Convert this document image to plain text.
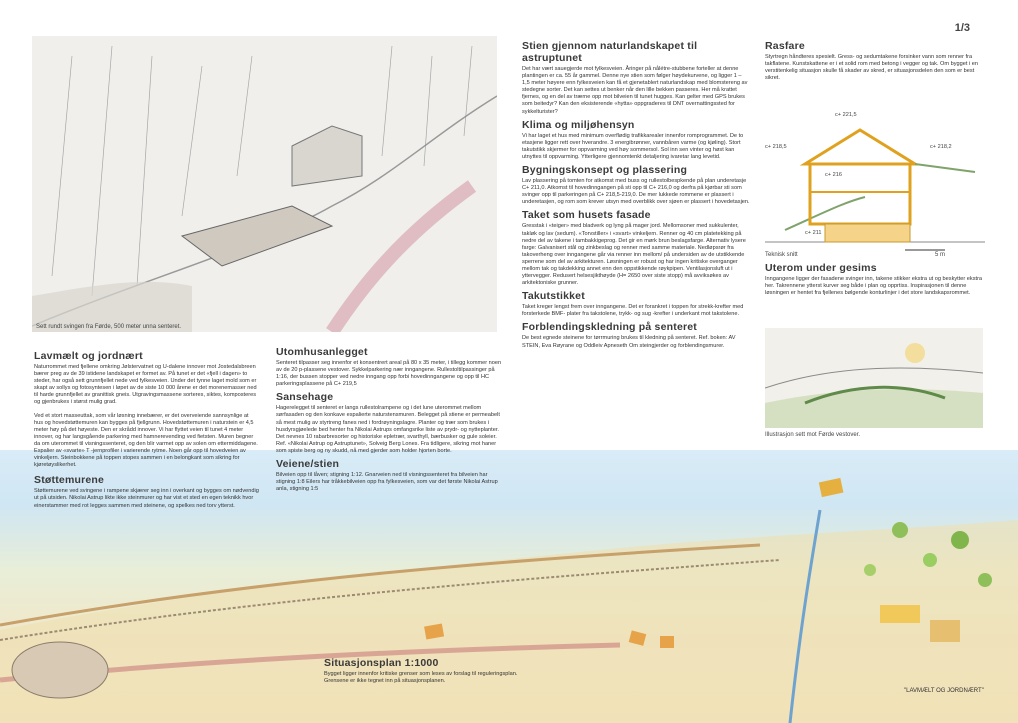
1/3
Sett rundt svingen fra Førde, 500 meter unna senteret.
Lavmælt og jordnært
Naturrommet med fjellene omkring Jølstervatnet og U-dalene innover mot Jostedalsbreen bærer preg av de 39 istidene landskapet er formet av. På tunet er det «fjell i dagen» to steder, har også sett grunnfjellet nede ved fylkesveien. Under det tynne laget mold som er skapt av sollys og fotosyntesen i løpet av de siste 10 000 årene er det morenemasser ned til harde grunnfjellet av granittisk gneis. Utgravingsmassene sorteres, siktes, komposteres og gjenbrukes i størst mulig grad.
Ved et stort masseuttak, som vår løsning innebærer, er det overveiende sannsynlige at hus og hovedstøttemuren kan bygges på fjellgrunn. Hovedstøttemuren i naturstein er 4,5 meter høy på det høyeste. Den er skrådd innover. Vi har flyttet veien til tunet 4 meter innover, og har langsgående parkering med hamnerevending ved fietsten. Muren begner da om uterommet til visningssenteret, og den blir varmet opp av solen om ettermiddagene. Espalier av «svarte» T -jernprofiler i varierende rytme. Noen går opp til hovedveien av vinkeljern. Steinbokkene på toppen stopes sammen i en belongkant som sikring for kjøretøyslikerhet.
Støttemurene
Støttemurene ved svingene i rampene skjærer seg inn i overkant og bygges om nødvendig ut på utsiden. Nikolai Astrup likte ikke steinmurer og har vist et sted en egen teknikk hvor einerstammer med rot legges sammen med steinene, og spelkes ned torv ytterst.
Utomhusanlegget
Senteret tilpasser seg innenfor et konsentrert areal på 80 x 35 meter, i tillegg kommer noen av de 20 p-plassene vestover. Sykkelparkering nær inngangene. Rullestoltilpassinger på 1:16, der bussen stopper ved nedre inngang opp forbi hovedinngangene og opp til HC parkeringsplassene på C+ 219,5
Sansehage
Hagerelegget til senteret er langs rullestolrampene og i det lune uterommet mellom sørfasaden og den konkave espalierte naturstensmuren. Belegget på stiene er permeabelt så mest mulig av styrtreng fanes ned i fordrøyningslagre. Planter og trær som brukes i husdyrsgjøelede bed henter fra Nikolai Astrups omfangsrike liste av prydr- og nytteplanter. Det nevnes 10 rabarbresorter og historiske epletrær, svarthyll, bærbusker og gule soleier. Ref. «Nikolai Astrup og Astruptunet», Solveig Berg Lones. Fra tidligere, sikring mot haner som spiste berg og ny skudd, nå med gjerder som holder hjorten borte.
Veiene/stien
Bilveien opp til låven; stigning 1:12. Gnarveien ned til visningssenteret fra bilveien har stigning 1:8 Eilers har tråkkebilveien opp fra fylkesveien, som var det første Nikolai Astrup anla, stigning 1:5
Stien gjennom naturlandskapet til astruptunet
Det har vært sauegjerde mot fylkesveien. Åringer på nålétre-stubbene forteller at denne plantingen er ca. 55 år gammel. Denne nye stien som følger høydekurvene, og ligger 1 – 1,5 meter høyere enn fylkesveien kan få et gjenetablert naturlandskap med blomstereng av stedegne sorter. Det kan settes ut benker når den lille bekken passeres. Her må krattet fjernes, og en del av trærne opp mot bilveien til tunet hugges. Kan gelter med GPS brukes som beitedyr? Kan den eksisterende «hytta» oppgraderes til DNT overnattingssted for sykkelturister?
Klima og miljøhensyn
Vi har laget et hus med minimum overflødig trafikkarealer innenfor romprogrammet. De to etasjene ligger rett over hverandre. 3 energibrønner, vannbåren varme (og kjøling). Stort takutstikk skjermer for oppvarming ved høy sommersol. Sol inn sen vinter og høst kan utnyttes til oppvarming. Ytterligere gjennomtenkt detaljering ivaretar lang levetid.
Bygningskonsept og plassering
Lav plassering på tomten for atkomst med buss og rullestolbespkende på plan underetasje C+ 211,0. Atkomst til hovedinngangen på sti opp til C+ 216,0 og derfra på kjørbar sti som svinger opp til parkeringen på C+ 218,5-219,0. De mer lukkede rommene er plassert i underetasjen, og rom som krever utsyn med overblikk over sjøen er plassert i hovedetasjen.
Taket som husets fasade
Gresstak i «teiger» med bladverk og lyng på mager jord. Mellomsoner med sukkulenter, takløk og lav (sedum). «Torvstiller» i «svart» vinkeljern. Renner og 40 cm platetekking på nedre del av takene i tambakkigeprog. Det gir en mørk brun beslagsfarge. Alternativ lysere farge: Galvanisert stål og zinkbeslag og renner med samme materiale. Nedløpsrør fra takoverheng over inngangene går via renner inn mellom/ på undersiden av de utstikkende sperrene som del av arkitekturen. Løsningen er robust og har ingen kritiske overganger mellom tak og takdekking annet enn den oppstikkende røykpipen. Ventilasjonsluft ut i yttervegger. Redusert helsesjikthøyde (H= 2650 over siste stopp) må avviksøkes av arkitektoniske grunner.
Takutstikket
Taket kreger lengst frem over inngangene. Det er forankret i toppen for strekk-krefter med forsterkede BMF- plater fra takstolene, trykk- og sug -krefter i underkant mot takstolene.
Forblendingskledning på senteret
De best egnede steinene for tørrmuring brukes til kledning på senteret. Ref. boken: AV STEIN, Eva Røyrane og Oddleiv Apneseth Om steingjerder og forblendingsmurer.
Rasfare
Styrtregn håndteres spesielt. Gress- og sedumtakene forsinker vann som renner fra takflatene. Kunstskattene er i et solid rom med betong i vegger og tak. Om bygget i en verstitenkelig situasjon skulle få skader av skred, er situasjonsdelen den som er best sikret.
c+ 221,5
c+ 218,5	c+ 218,2
c+ 216
c+ 211
Teknisk snitt	5 m
Uterom under gesims
Inngangene ligger der fasadene svinger inn, takene stikker ekstra ut og beskytter ekstra her. Takrennene ytterst kurver seg både i plan og opprtiss. Inspirasjonen til denne løsningen er hentet fra fjellenes bølgende konturlinjer i det store landskapsrommet.
Illustrasjon sett mot Førde vestover.
Situasjonsplan 1:1000
Bygget ligger innenfor kritiske grenser som leses av forslag til reguleringsplan. Grensene er ikke tegnet inn på situasjonsplanen.
"LAVMÆLT OG JORDNÆRT"
